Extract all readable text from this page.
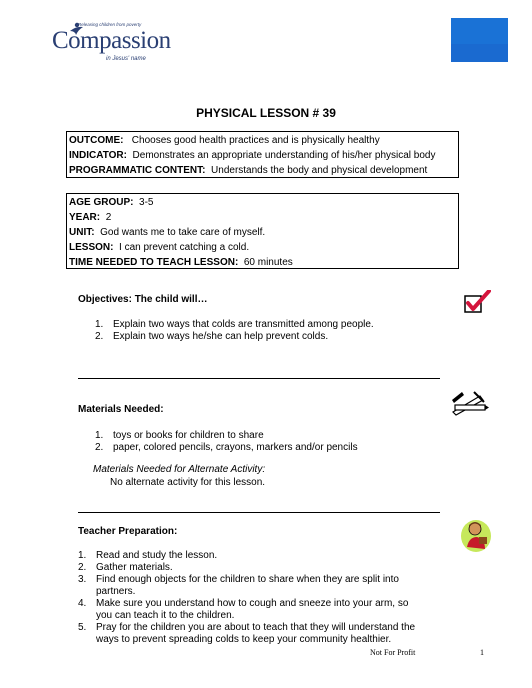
Releasing children from poverty
Compassion
in Jesus' name
PHYSICAL LESSON # 39
OUTCOME: Chooses good health practices and is physically healthy
INDICATOR: Demonstrates an appropriate understanding of his/her physical body
PROGRAMMATIC CONTENT: Understands the body and physical development
AGE GROUP: 3-5
YEAR: 2
UNIT: God wants me to take care of myself.
LESSON: I can prevent catching a cold.
TIME NEEDED TO TEACH LESSON: 60 minutes
Objectives: The child will…
1. Explain two ways that colds are transmitted among people.
2. Explain two ways he/she can help prevent colds.
Materials Needed:
1. toys or books for children to share
2. paper, colored pencils, crayons, markers and/or pencils
Materials Needed for Alternate Activity:
No alternate activity for this lesson.
Teacher Preparation:
1. Read and study the lesson.
2. Gather materials.
3. Find enough objects for the children to share when they are split into
partners.
4. Make sure you understand how to cough and sneeze into your arm, so
you can teach it to the children.
5. Pray for the children you are about to teach that they will understand the
ways to prevent spreading colds to keep your community healthier.
Not For Profit	1
